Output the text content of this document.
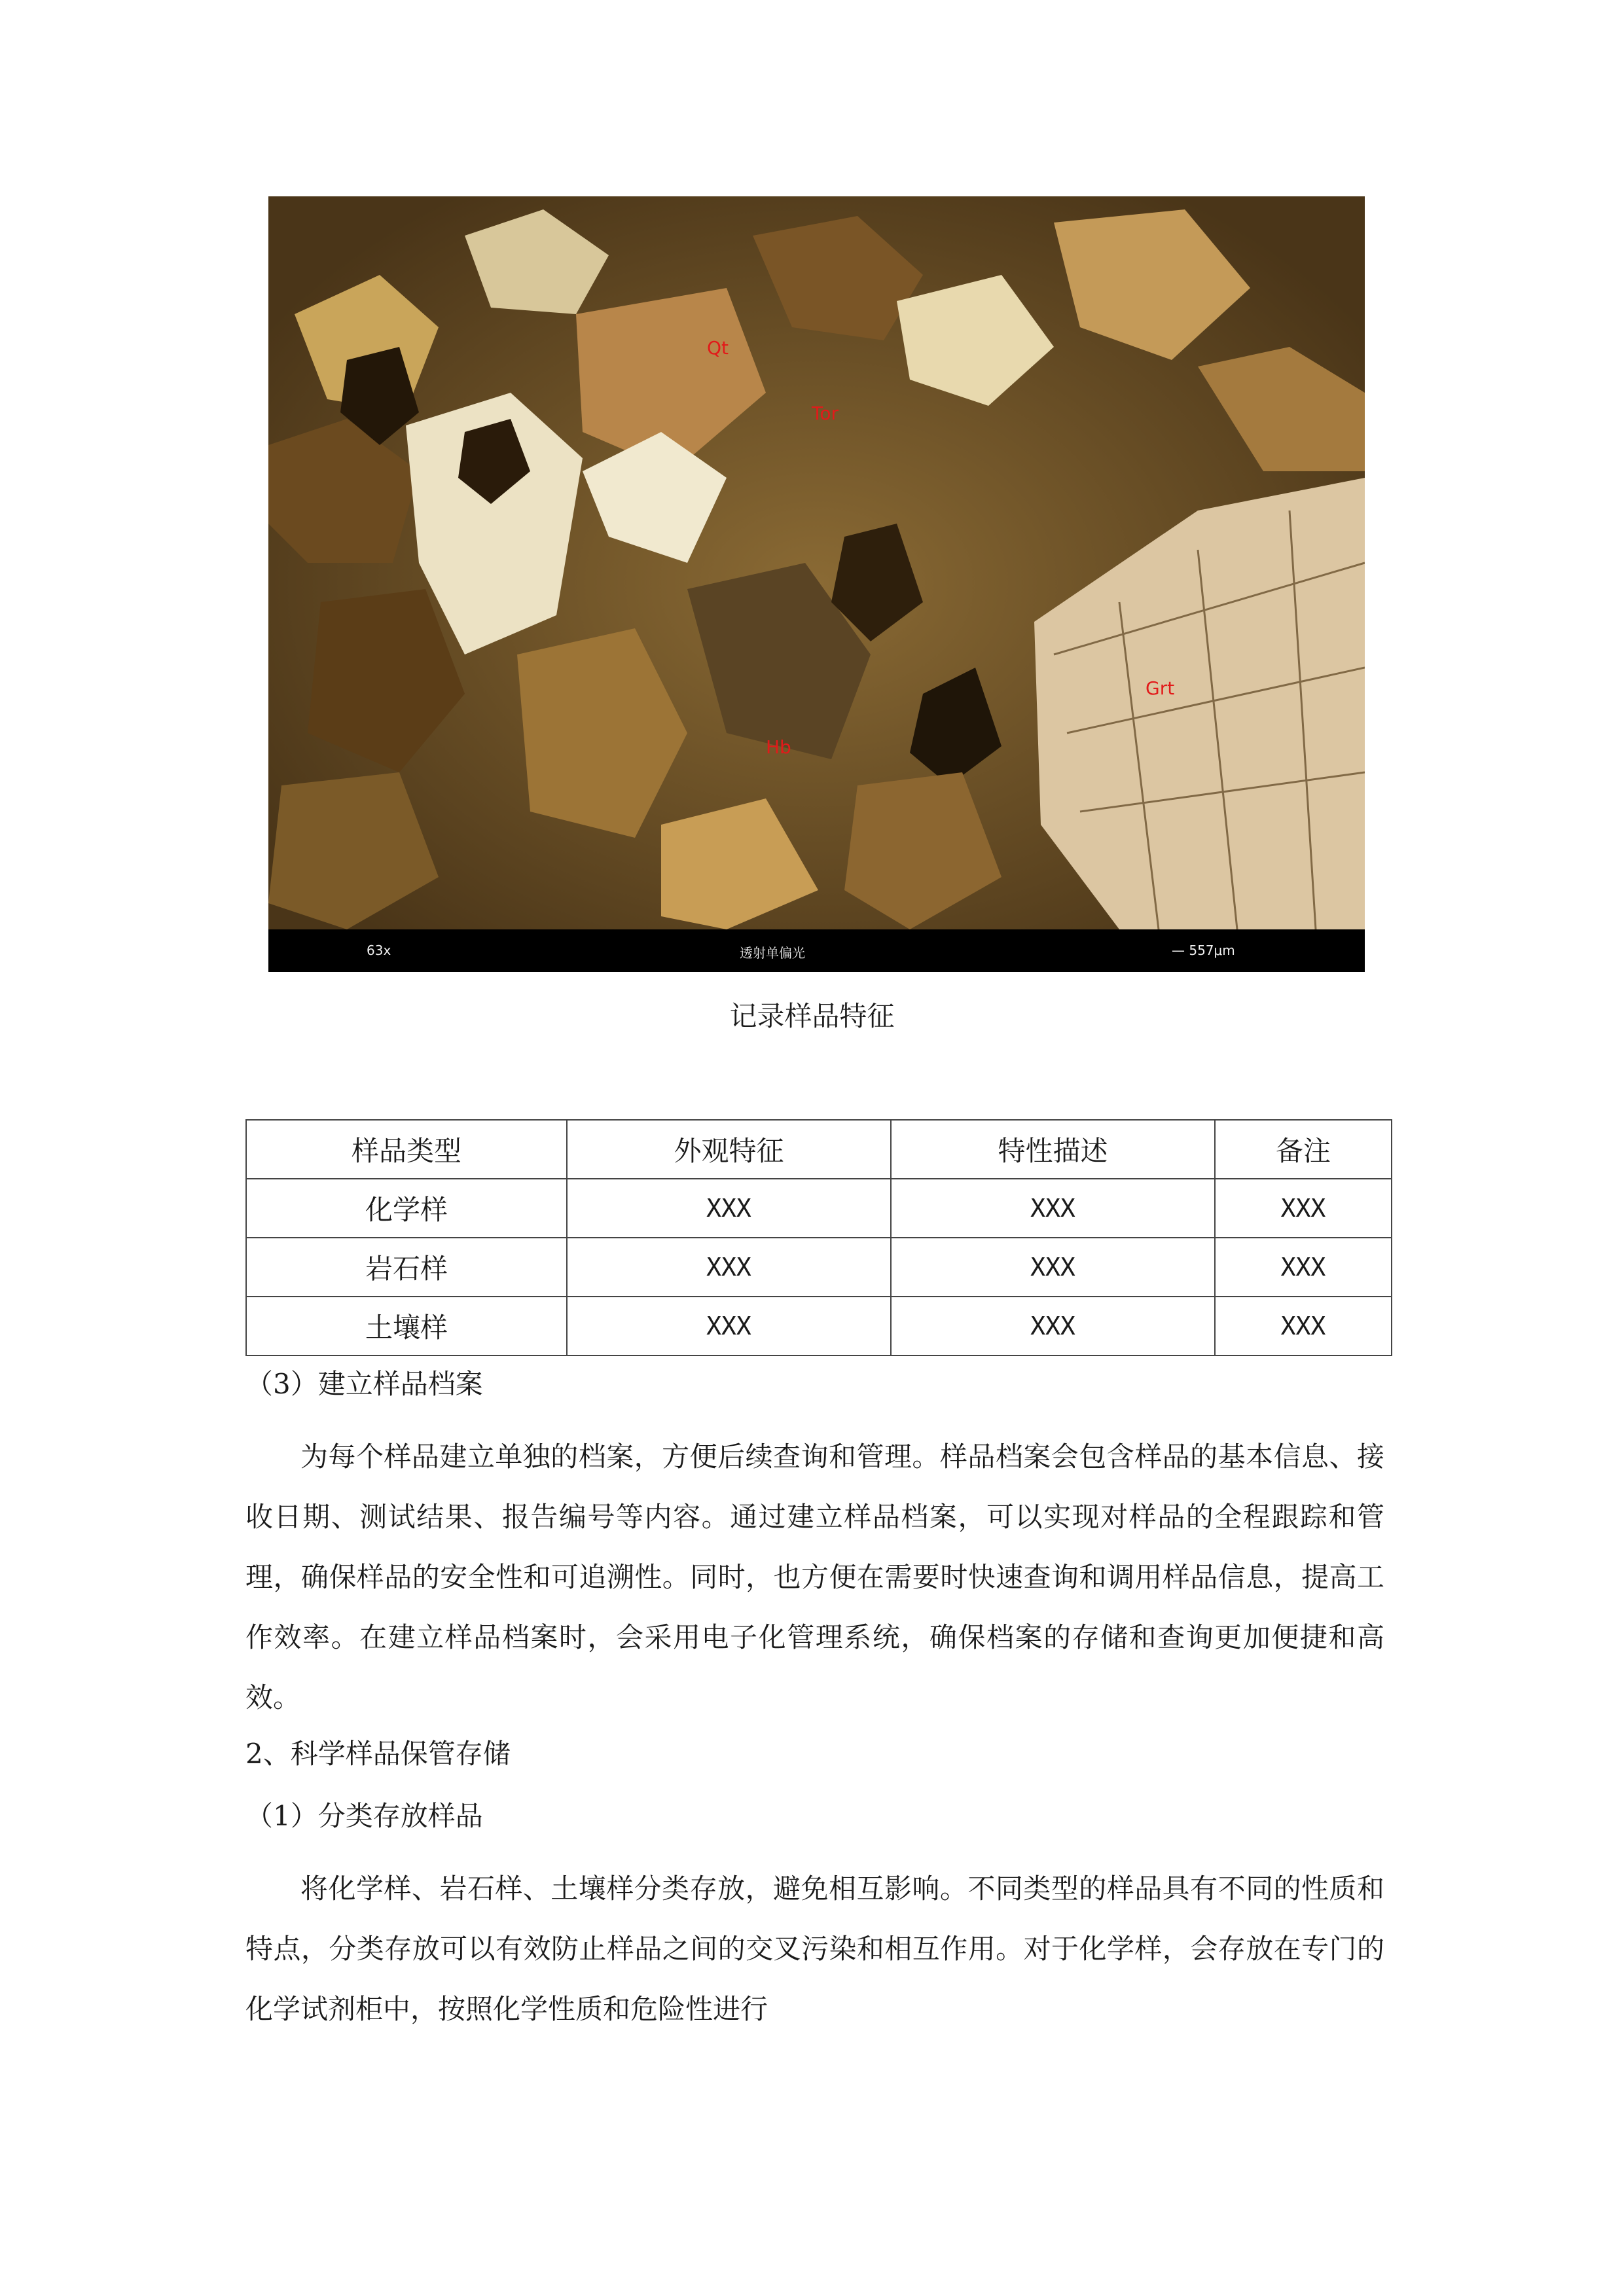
Qt
Tor
Grt
Hb
63x	透射单偏光	— 557μm
记录样品特征
样品类型	外观特征	特性描述	备注
化学样	XXX	XXX	XXX
岩石样	XXX	XXX	XXX
土壤样	XXX	XXX	XXX
（3）建立样品档案
为每个样品建立单独的档案，方便后续查询和管理。样品档案会包含样品的基本信息、接收日期、测试结果、报告编号等内容。通过建立样品档案，可以实现对样品的全程跟踪和管理，确保样品的安全性和可追溯性。同时，也方便在需要时快速查询和调用样品信息，提高工作效率。在建立样品档案时，会采用电子化管理系统，确保档案的存储和查询更加便捷和高效。
2、科学样品保管存储
（1）分类存放样品
将化学样、岩石样、土壤样分类存放，避免相互影响。不同类型的样品具有不同的性质和特点，分类存放可以有效防止样品之间的交叉污染和相互作用。对于化学样，会存放在专门的化学试剂柜中，按照化学性质和危险性进行
